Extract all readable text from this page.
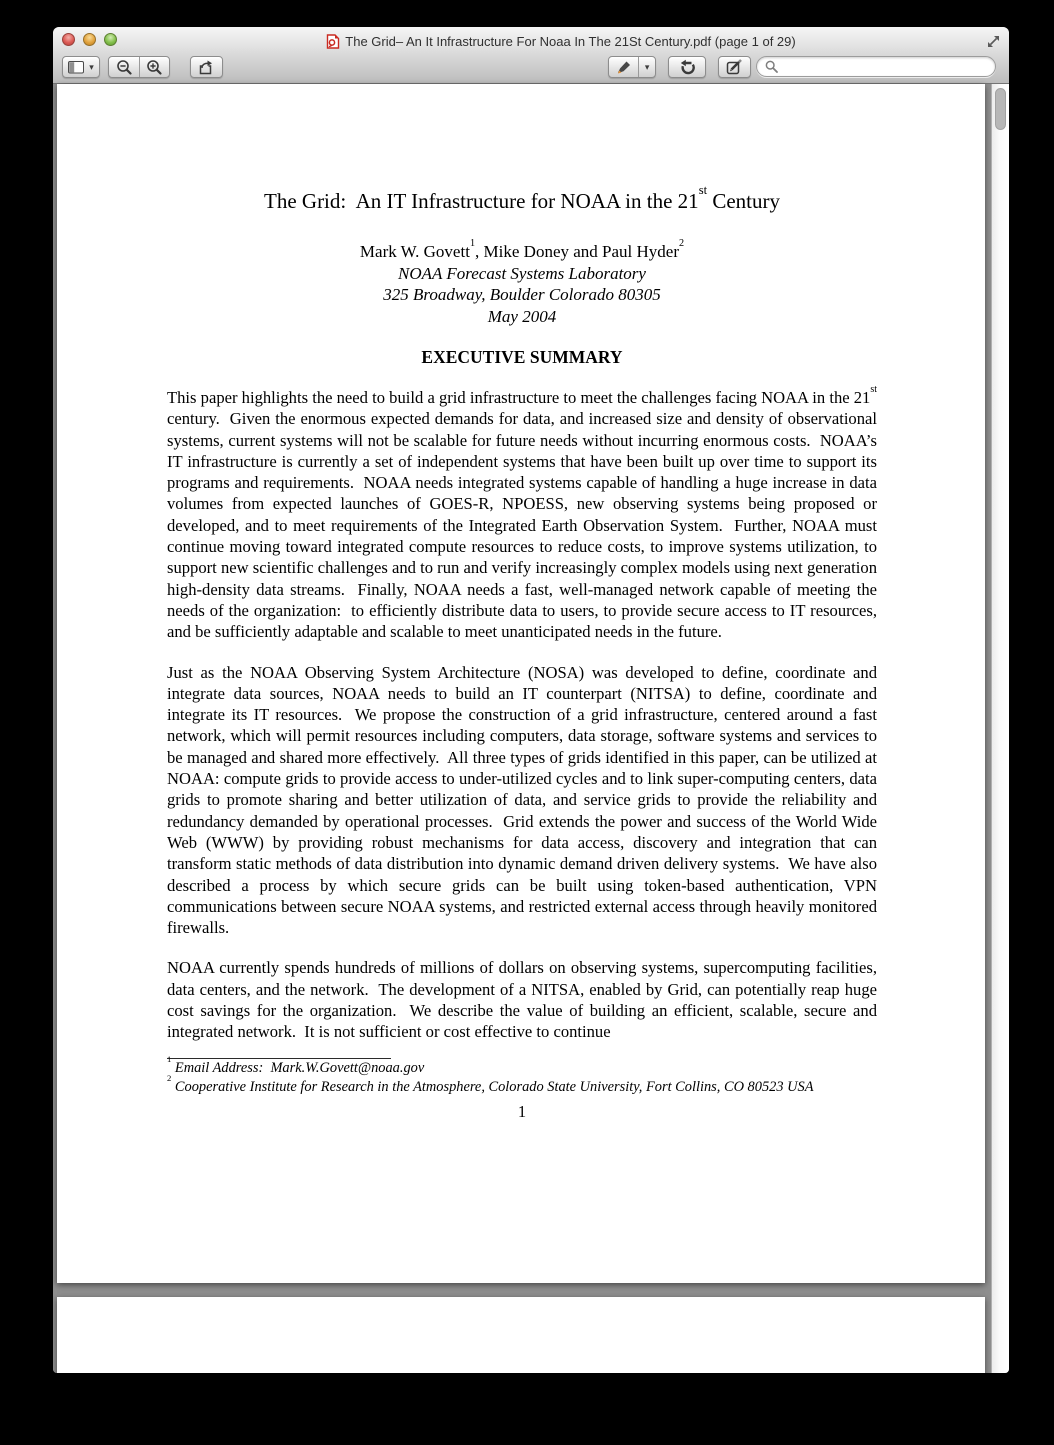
The Grid– An It Infrastructure For Noaa In The 21St Century.pdf (page 1 of 29)
▾	▾
The Grid:  An IT Infrastructure for NOAA in the 21st Century
Mark W. Govett$^1$, Mike Doney and Paul Hyder$^2$
NOAA Forecast Systems Laboratory
325 Broadway, Boulder Colorado 80305
May 2004
EXECUTIVE SUMMARY
This paper highlights the need to build a grid infrastructure to meet the challenges facing NOAA in the 21st century.  Given the enormous expected demands for data, and increased size and density of observational systems, current systems will not be scalable for future needs without incurring enormous costs.  NOAA’s IT infrastructure is currently a set of independent systems that have been built up over time to support its programs and requirements.  NOAA needs integrated systems capable of handling a huge increase in data volumes from expected launches of GOES-R, NPOESS, new observing systems being proposed or developed, and to meet requirements of the Integrated Earth Observation System.  Further, NOAA must continue moving toward integrated compute resources to reduce costs, to improve systems utilization, to support new scientific challenges and to run and verify increasingly complex models using next generation high-density data streams.  Finally, NOAA needs a fast, well-managed network capable of meeting the needs of the organization:  to efficiently distribute data to users, to provide secure access to IT resources, and be sufficiently adaptable and scalable to meet unanticipated needs in the future.
Just as the NOAA Observing System Architecture (NOSA) was developed to define, coordinate and integrate data sources, NOAA needs to build an IT counterpart (NITSA) to define, coordinate and integrate its IT resources.  We propose the construction of a grid infrastructure, centered around a fast network, which will permit resources including computers, data storage, software systems and services to be managed and shared more effectively.  All three types of grids identified in this paper, can be utilized at NOAA: compute grids to provide access to under-utilized cycles and to link super-computing centers, data grids to promote sharing and better utilization of data, and service grids to provide the reliability and redundancy demanded by operational processes.  Grid extends the power and success of the World Wide Web (WWW) by providing robust mechanisms for data access, discovery and integration that can transform static methods of data distribution into dynamic demand driven delivery systems.  We have also described a process by which secure grids can be built using token-based authentication, VPN communications between secure NOAA systems, and restricted external access through heavily monitored firewalls.
NOAA currently spends hundreds of millions of dollars on observing systems, supercomputing facilities, data centers, and the network.  The development of a NITSA, enabled by Grid, can potentially reap huge cost savings for the organization.  We describe the value of building an efficient, scalable, secure and integrated network.  It is not sufficient or cost effective to continue
$^1$ Email Address:  Mark.W.Govett@noaa.gov
$^2$ Cooperative Institute for Research in the Atmosphere, Colorado State University, Fort Collins, CO 80523 USA
1
